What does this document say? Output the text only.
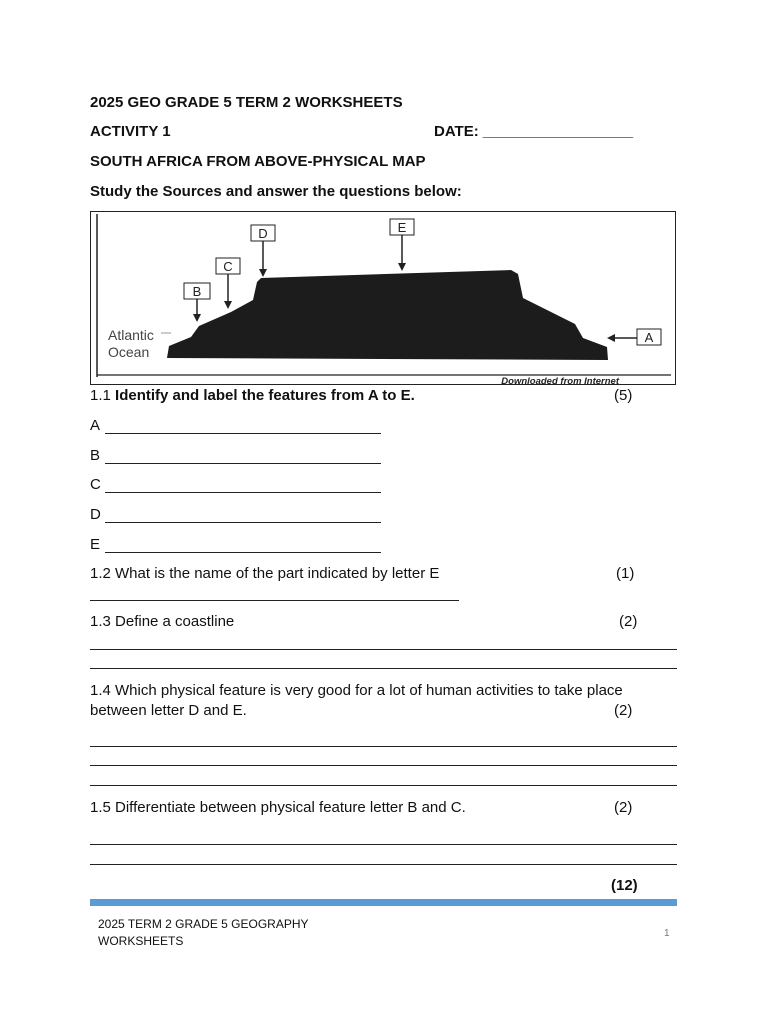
2025 GEO GRADE 5 TERM 2 WORKSHEETS
ACTIVITY 1	DATE: __________________
SOUTH AFRICA FROM ABOVE-PHYSICAL MAP
Study the Sources and answer the questions below:
Atlantic
Ocean
A
B
C
D	E
Downloaded from Internet
1.1 Identify and label the features from A to E.	(5)
A
B
C
D
E
1.2 What is the name of the part indicated by letter E	(1)
1.3 Define a coastline	(2)
1.4 Which physical feature is very good for a lot of human activities to take place
between letter D and E.	(2)
1.5 Differentiate between physical feature letter B and C.	(2)
(12)
2025 TERM 2 GRADE 5 GEOGRAPHY
WORKSHEETS
1
